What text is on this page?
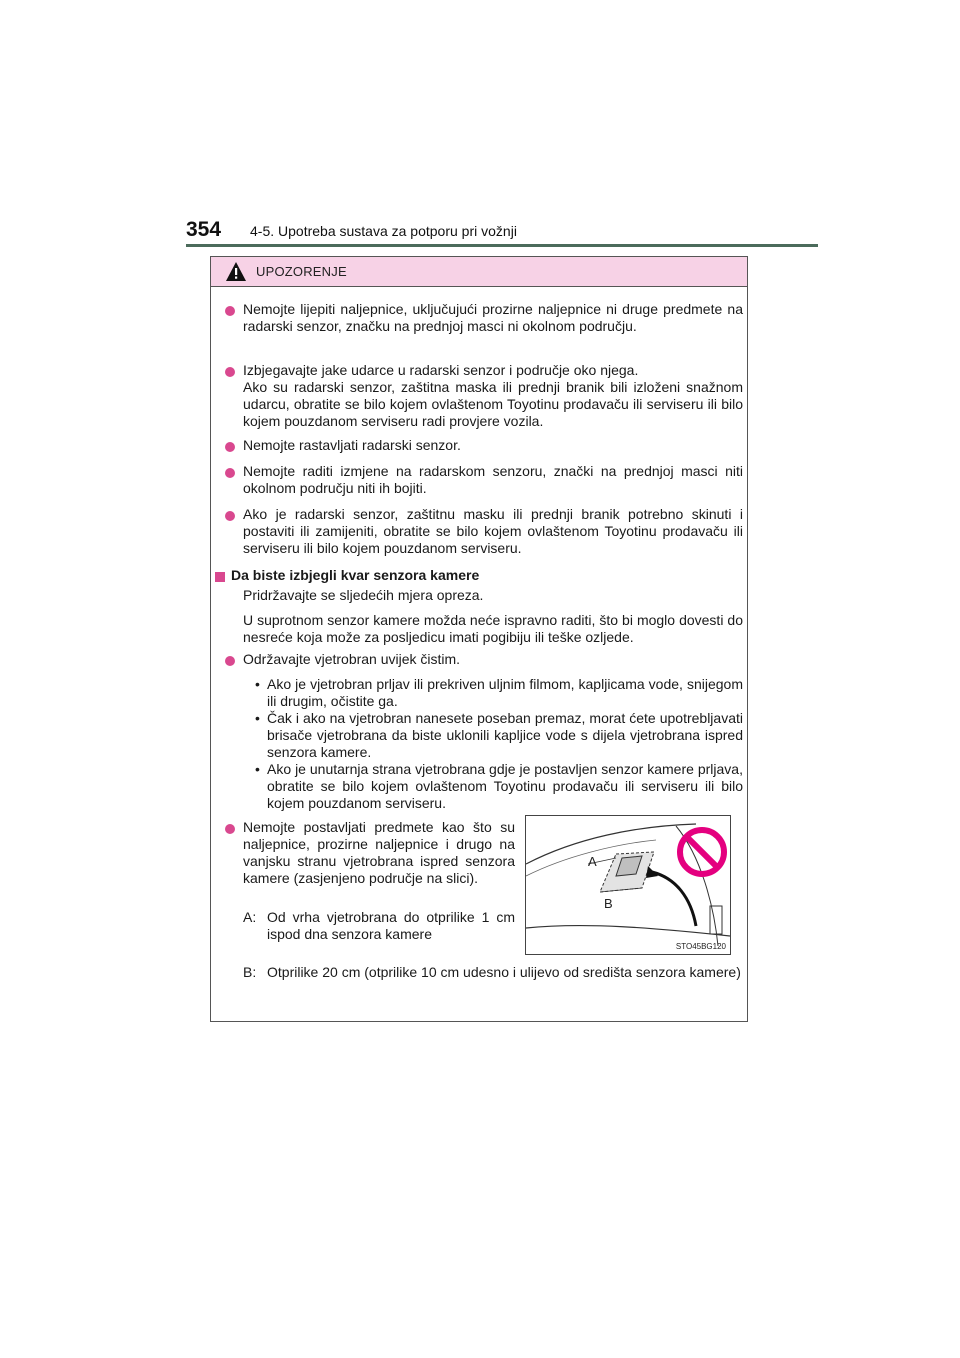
354 4-5. Upotreba sustava za potporu pri vožnji
UPOZORENJE
Nemojte lijepiti naljepnice, uključujući prozirne naljepnice ni druge predmete na radarski senzor, značku na prednjoj masci ni okolnom području.
Izbjegavajte jake udarce u radarski senzor i područje oko njega.
Ako su radarski senzor, zaštitna maska ili prednji branik bili izloženi snažnom udarcu, obratite se bilo kojem ovlaštenom Toyotinu prodavaču ili serviseru ili bilo kojem pouzdanom serviseru radi provjere vozila.
Nemojte rastavljati radarski senzor.
Nemojte raditi izmjene na radarskom senzoru, znački na prednjoj masci niti okolnom području niti ih bojiti.
Ako je radarski senzor, zaštitnu masku ili prednji branik potrebno skinuti i postaviti ili zamijeniti, obratite se bilo kojem ovlaštenom Toyotinu prodavaču ili serviseru ili bilo kojem pouzdanom serviseru.
Da biste izbjegli kvar senzora kamere
Pridržavajte se sljedećih mjera opreza.
U suprotnom senzor kamere možda neće ispravno raditi, što bi moglo dovesti do nesreće koja može za posljedicu imati pogibiju ili teške ozljede.
Održavajte vjetrobran uvijek čistim.
• Ako je vjetrobran prljav ili prekriven uljnim filmom, kapljicama vode, snijegom ili drugim, očistite ga.
• Čak i ako na vjetrobran nanesete poseban premaz, morat ćete upotrebljavati brisače vjetrobrana da biste uklonili kapljice vode s dijela vjetrobrana ispred senzora kamere.
• Ako je unutarnja strana vjetrobrana gdje je postavljen senzor kamere prljava, obratite se bilo kojem ovlaštenom Toyotinu prodavaču ili serviseru ili bilo kojem pouzdanom serviseru.
Nemojte postavljati predmete kao što su naljepnice, prozirne naljepnice i drugo na vanjsku stranu vjetrobrana ispred senzora kamere (zasjenjeno područje na slici).
A: Od vrha vjetrobrana do otprilike 1 cm ispod dna senzora kamere
B: Otprilike 20 cm (otprilike 10 cm udesno i ulijevo od središta senzora kamere)
A
B
STO45BG120
